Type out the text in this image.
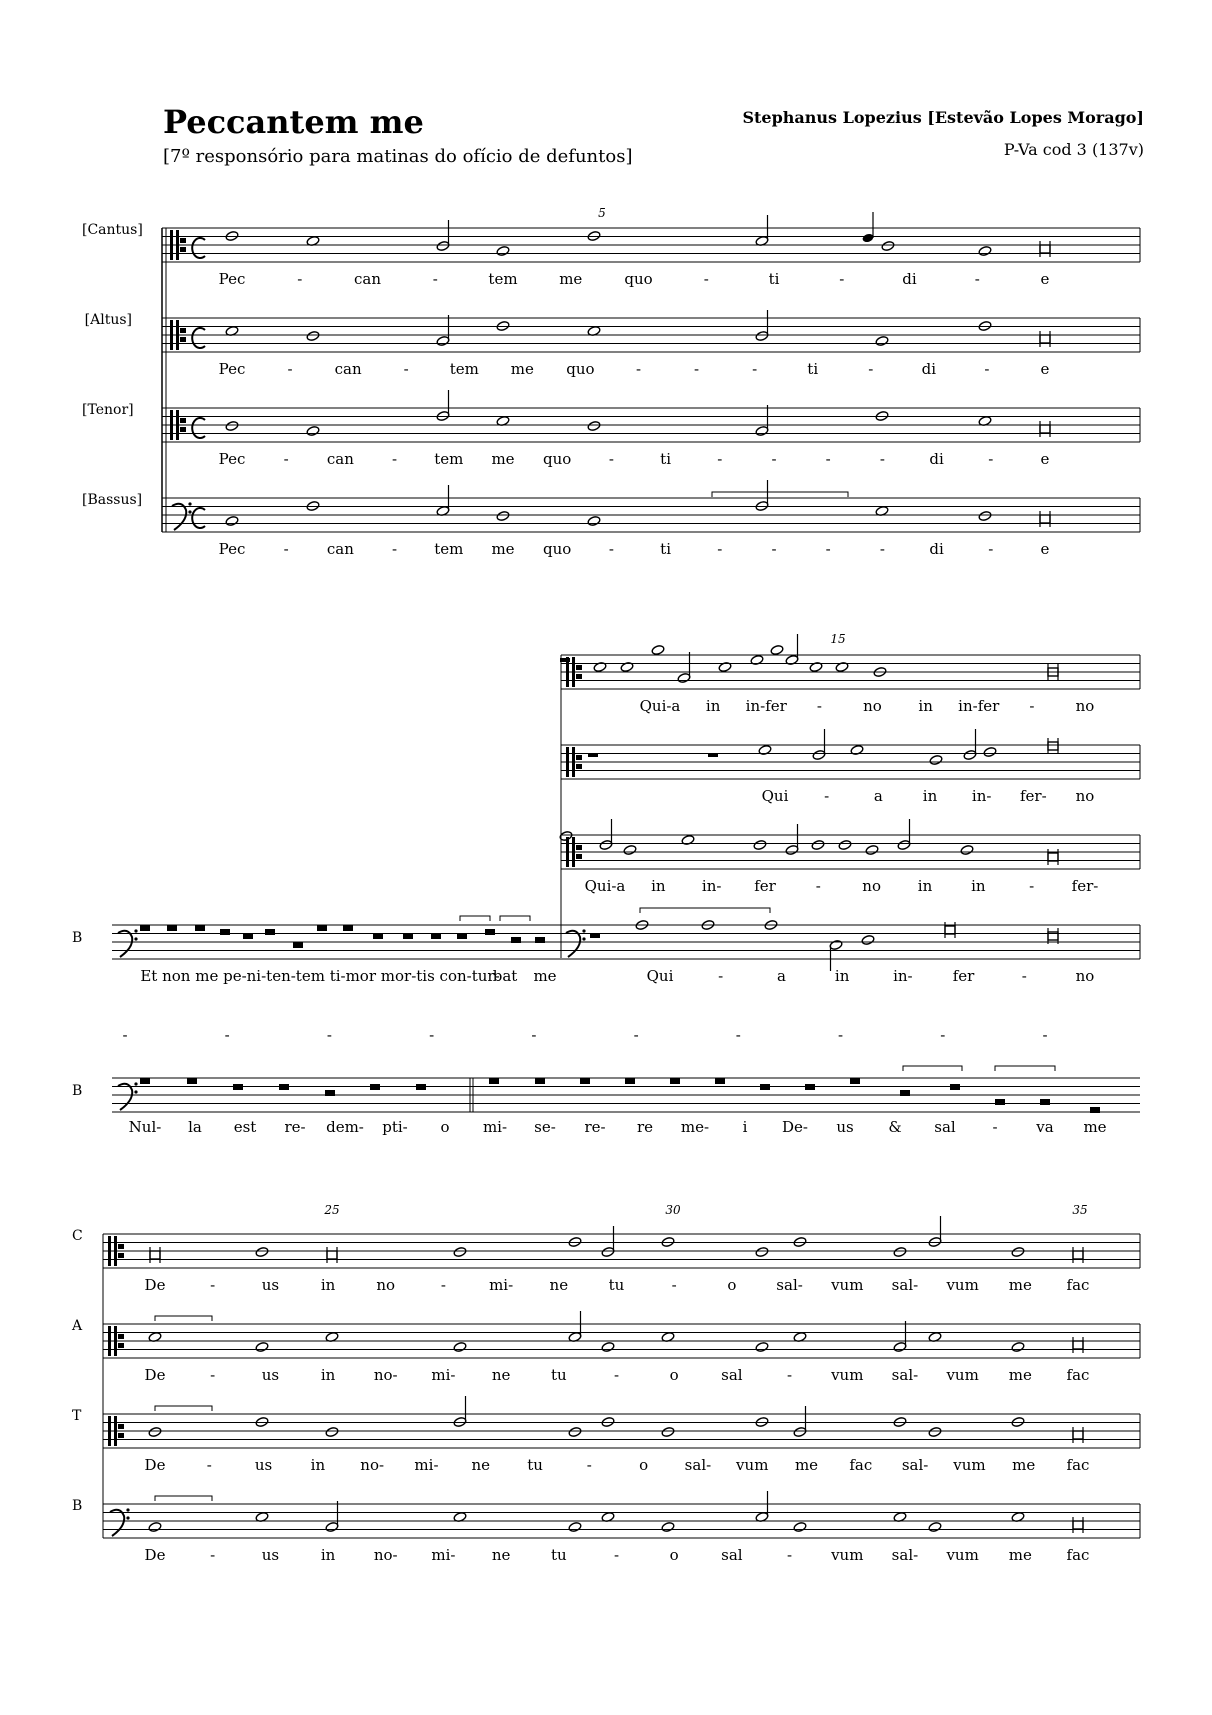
Peccantem me
[7º responsório para matinas do ofício de defuntos]
Stephanus Lopezius [Estevão Lopes Morago]
P-Va cod 3 (137v)
[Cantus]
Pec	-	can	-	tem	me	quo	-	ti	-	di	-	e
[Altus]
Pec	-	can	-	tem me quo	-	-	-	ti	-	di	-	e
[Tenor]
Pec	-	can	- tem me quo	-	ti	-	-	-	-	di	-	e
[Bassus]
Pec	-	can	- tem me quo	-	ti	-	-	-	-	di	-	e
5
B
15
Qui-a in in-fer -	no in in-fer -	no
Qui -	a	in in- fer- no
Qui-a in in- fer	-	no in	in	- fer-
Et non me pe-ni-ten-tem ti-mor mor-tis con-tur-
bat me	Qui	-	a	in	in-	fer	-	no
B
-	-	-	-	-	-	-	-	-	-
Nul- la est re- dem- pti- o mi- se- re- re me- i De- us & sal -	va me
C
De	-	us	in	no	-	mi- ne	tu	-	o	sal- vum sal- vum me fac
A
De	-	us	in	no- mi- ne	tu	-	o	sal	-	vum sal- vum me fac
T
De	-	us	in no- mi- ne tu	-	o sal- vum me fac sal- vum me fac
B
De	-	us	in	no- mi- ne	tu	-	o	sal	-	vum sal- vum me fac
25	30	35
